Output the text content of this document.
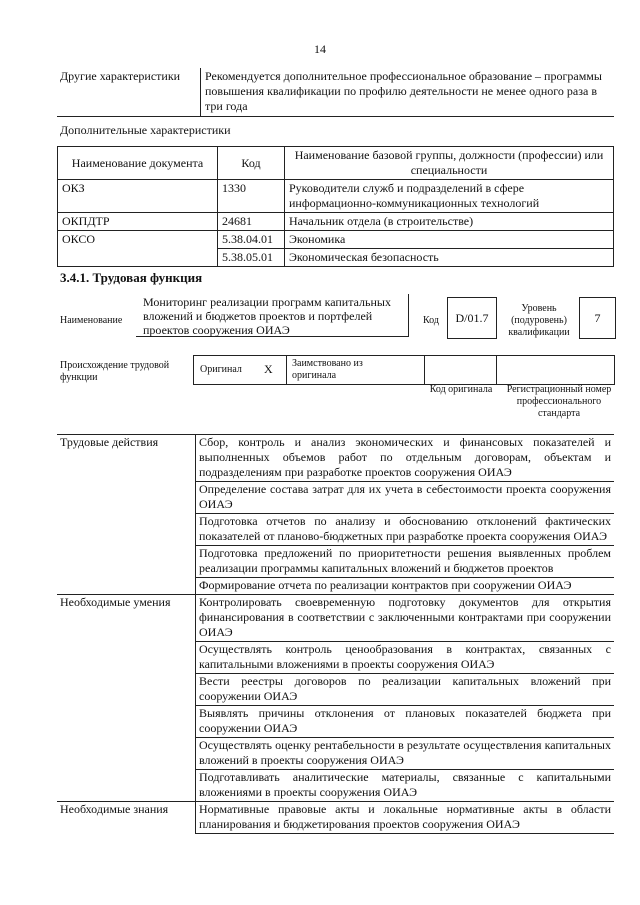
14
Другие характеристики	Рекомендуется дополнительное профессиональное образование – программы повышения квалификации по профилю деятельности не менее одного раза в три года
Дополнительные характеристики
Наименование документа	Код	Наименование базовой группы, должности (профессии) или специальности
ОКЗ	1330	Руководители служб и подразделений в сфере информационно-коммуникационных технологий
ОКПДТР	24681	Начальник отдела (в строительстве)
ОКСО	5.38.04.01	Экономика
	5.38.05.01	Экономическая безопасность
3.4.1. Трудовая функция
Наименование
Мониторинг реализации программ капитальных вложений и бюджетов проектов и портфелей проектов сооружения ОИАЭ
Код	D/01.7
Уровень (подуровень) квалификации
7
Происхождение трудовой функции
Оригинал X Заимствовано из оригинала
Код оригинала	Регистрационный номер профессионального стандарта
Трудовые действия	Сбор, контроль и анализ экономических и финансовых показателей и выполненных объемов работ по отдельным договорам, объектам и подразделениям при разработке проектов сооружения ОИАЭ
	Определение состава затрат для их учета в себестоимости проекта сооружения ОИАЭ
	Подготовка отчетов по анализу и обоснованию отклонений фактических показателей от планово-бюджетных при разработке проекта сооружения ОИАЭ
	Подготовка предложений по приоритетности решения выявленных проблем реализации программы капитальных вложений и бюджетов проектов
	Формирование отчета по реализации контрактов при сооружении ОИАЭ
Необходимые умения	Контролировать своевременную подготовку документов для открытия финансирования в соответствии с заключенными контрактами при сооружении ОИАЭ
	Осуществлять контроль ценообразования в контрактах, связанных с капитальными вложениями в проекты сооружения ОИАЭ
	Вести реестры договоров по реализации капитальных вложений при сооружении ОИАЭ
	Выявлять причины отклонения от плановых показателей бюджета при сооружении ОИАЭ
	Осуществлять оценку рентабельности в результате осуществления капитальных вложений в проекты сооружения ОИАЭ
	Подготавливать аналитические материалы, связанные с капитальными вложениями в проекты сооружения ОИАЭ
Необходимые знания	Нормативные правовые акты и локальные нормативные акты в области планирования и бюджетирования проектов сооружения ОИАЭ
